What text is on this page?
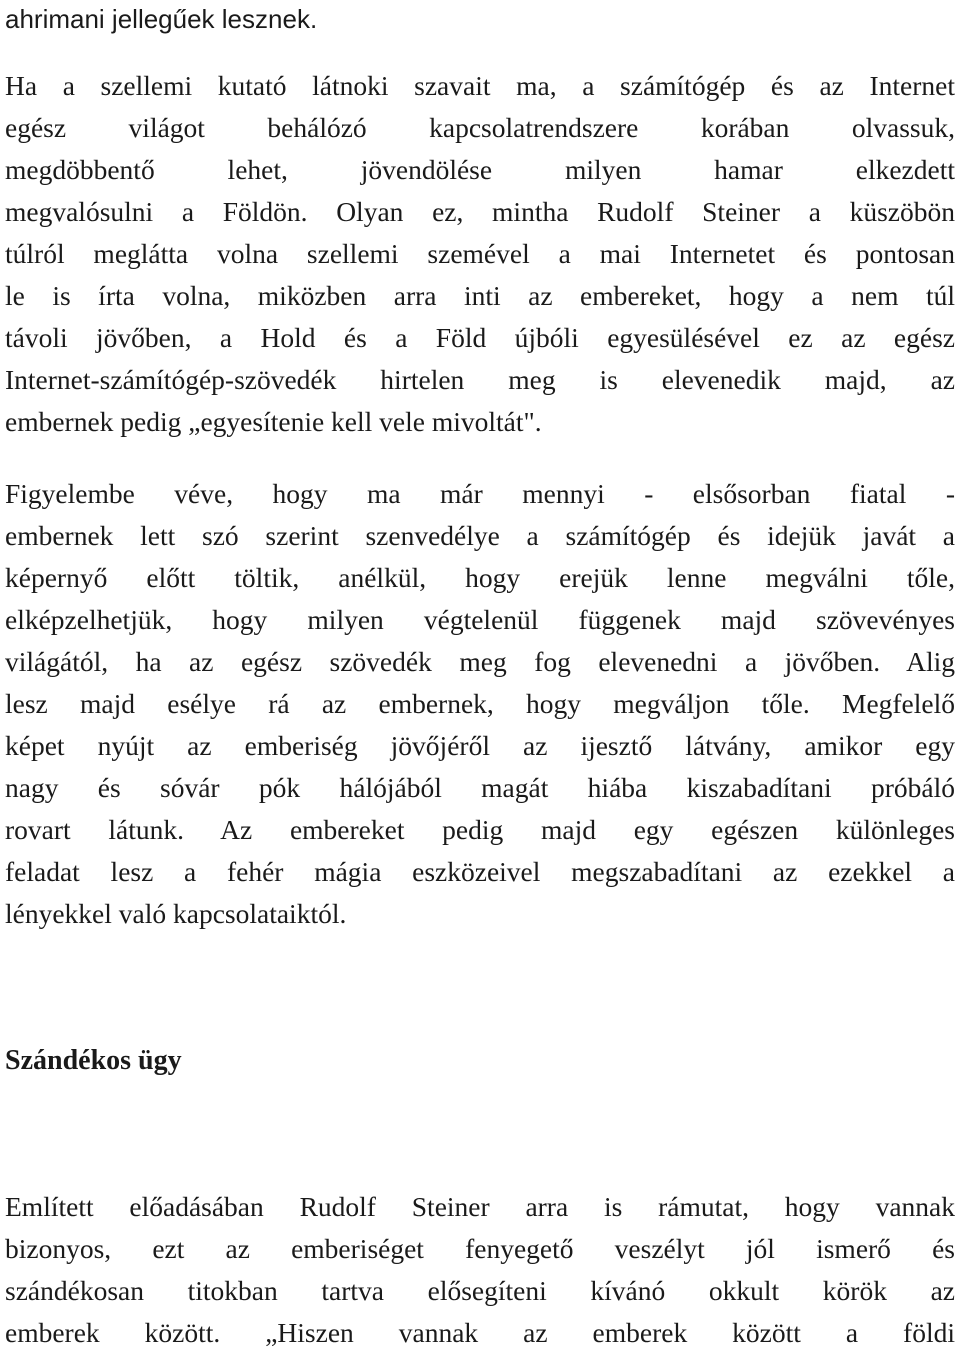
ahrimani jellegűek lesznek.
Ha a szellemi kutató látnoki szavait ma, a számítógép és az Internet
egész világot behálózó kapcsolatrendszere korában olvassuk,
megdöbbentő lehet, jövendölése milyen hamar elkezdett
megvalósulni a Földön. Olyan ez, mintha Rudolf Steiner a küszöbön
túlról meglátta volna szellemi szemével a mai Internetet és pontosan
le is írta volna, miközben arra inti az embereket, hogy a nem túl
távoli jövőben, a Hold és a Föld újbóli egyesülésével ez az egész
Internet-számítógép-szövedék hirtelen meg is elevenedik majd, az
embernek pedig „egyesítenie kell vele mivoltát".
Figyelembe véve, hogy ma már mennyi - elsősorban fiatal -
embernek lett szó szerint szenvedélye a számítógép és idejük javát a
képernyő előtt töltik, anélkül, hogy erejük lenne megválni tőle,
elképzelhetjük, hogy milyen végtelenül függenek majd szövevényes
világától, ha az egész szövedék meg fog elevenedni a jövőben. Alig
lesz majd esélye rá az embernek, hogy megváljon tőle. Megfelelő
képet nyújt az emberiség jövőjéről az ijesztő látvány, amikor egy
nagy és sóvár pók hálójából magát hiába kiszabadítani próbáló
rovart látunk. Az embereket pedig majd egy egészen különleges
feladat lesz a fehér mágia eszközeivel megszabadítani az ezekkel a
lényekkel való kapcsolataiktól.
Szándékos ügy
Említett előadásában Rudolf Steiner arra is rámutat, hogy vannak
bizonyos, ezt az emberiséget fenyegető veszélyt jól ismerő és
szándékosan titokban tartva elősegíteni kívánó okkult körök az
emberek között. „Hiszen vannak az emberek között a földi
